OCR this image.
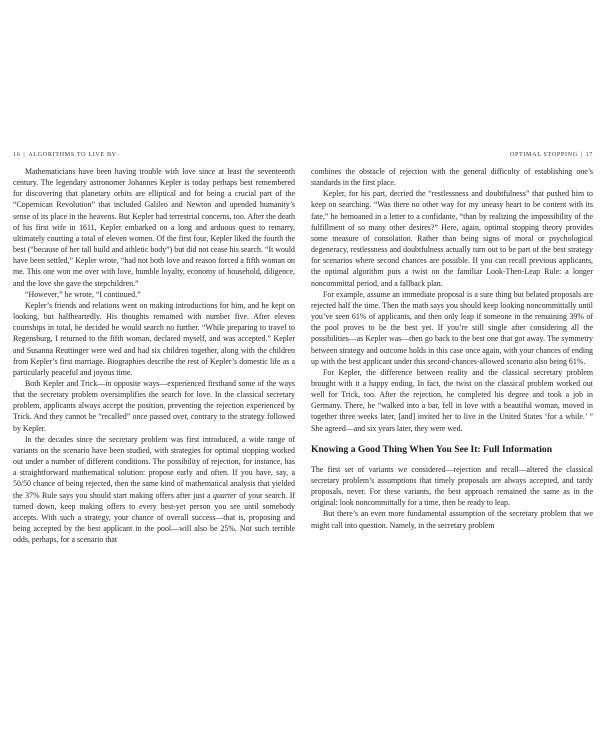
16 | ALGORITHMS TO LIVE BY

Mathematicians have been having trouble with love since at least the seventeenth century. The legendary astronomer Johannes Kepler is today perhaps best remembered for discovering that planetary orbits are elliptical and for being a crucial part of the “Copernican Revolution” that included Galileo and Newton and upended humanity’s sense of its place in the heavens. But Kepler had terrestrial concerns, too. After the death of his first wife in 1611, Kepler embarked on a long and arduous quest to remarry, ultimately courting a total of eleven women. Of the first four, Kepler liked the fourth the best (“because of her tall build and athletic body”) but did not cease his search. “It would have been settled,” Kepler wrote, “had not both love and reason forced a fifth woman on me. This one won me over with love, humble loyalty, economy of household, diligence, and the love she gave the stepchildren.”

“However,” he wrote, “I continued.”

Kepler’s friends and relations went on making introductions for him, and he kept on looking, but halfheartedly. His thoughts remained with number five. After eleven courtships in total, he decided he would search no further. “While preparing to travel to Regensburg, I returned to the fifth woman, declared myself, and was accepted.” Kepler and Susanna Reuttinger were wed and had six children together, along with the children from Kepler’s first marriage. Biographies describe the rest of Kepler’s domestic life as a particularly peaceful and joyous time.

Both Kepler and Trick—in opposite ways—experienced firsthand some of the ways that the secretary problem oversimplifies the search for love. In the classical secretary problem, applicants always accept the position, preventing the rejection experienced by Trick. And they cannot be “recalled” once passed over, contrary to the strategy followed by Kepler.

In the decades since the secretary problem was first introduced, a wide range of variants on the scenario have been studied, with strategies for optimal stopping worked out under a number of different conditions. The possibility of rejection, for instance, has a straightforward mathematical solution: propose early and often. If you have, say, a 50/50 chance of being rejected, then the same kind of mathematical analysis that yielded the 37% Rule says you should start making offers after just a quarter of your search. If turned down, keep making offers to every best-yet person you see until somebody accepts. With such a strategy, your chance of overall success—that is, proposing and being accepted by the best applicant in the pool—will also be 25%. Not such terrible odds, perhaps, for a scenario that

OPTIMAL STOPPING | 17

combines the obstacle of rejection with the general difficulty of establishing one’s standards in the first place.

Kepler, for his part, decried the “restlessness and doubtfulness” that pushed him to keep on searching. “Was there no other way for my uneasy heart to be content with its fate,” he bemoaned in a letter to a confidante, “than by realizing the impossibility of the fulfillment of so many other desires?” Here, again, optimal stopping theory provides some measure of consolation. Rather than being signs of moral or psychological degeneracy, restlessness and doubtfulness actually turn out to be part of the best strategy for scenarios where second chances are possible. If you can recall previous applicants, the optimal algorithm puts a twist on the familiar Look-Then-Leap Rule: a longer noncommittal period, and a fallback plan.

For example, assume an immediate proposal is a sure thing but belated proposals are rejected half the time. Then the math says you should keep looking noncommittally until you’ve seen 61% of applicants, and then only leap if someone in the remaining 39% of the pool proves to be the best yet. If you’re still single after considering all the possibilities—as Kepler was—then go back to the best one that got away. The symmetry between strategy and outcome holds in this case once again, with your chances of ending up with the best applicant under this second-chances-allowed scenario also being 61%.

For Kepler, the difference between reality and the classical secretary problem brought with it a happy ending. In fact, the twist on the classical problem worked out well for Trick, too. After the rejection, he completed his degree and took a job in Germany. There, he “walked into a bar, fell in love with a beautiful woman, moved in together three weeks later, [and] invited her to live in the United States ‘for a while.’ ” She agreed—and six years later, they were wed.

Knowing a Good Thing When You See It: Full Information

The first set of variants we considered—rejection and recall—altered the classical secretary problem’s assumptions that timely proposals are always accepted, and tardy proposals, never. For these variants, the best approach remained the same as in the original: look noncommittally for a time, then be ready to leap.

But there’s an even more fundamental assumption of the secretary problem that we might call into question. Namely, in the secretary problem
